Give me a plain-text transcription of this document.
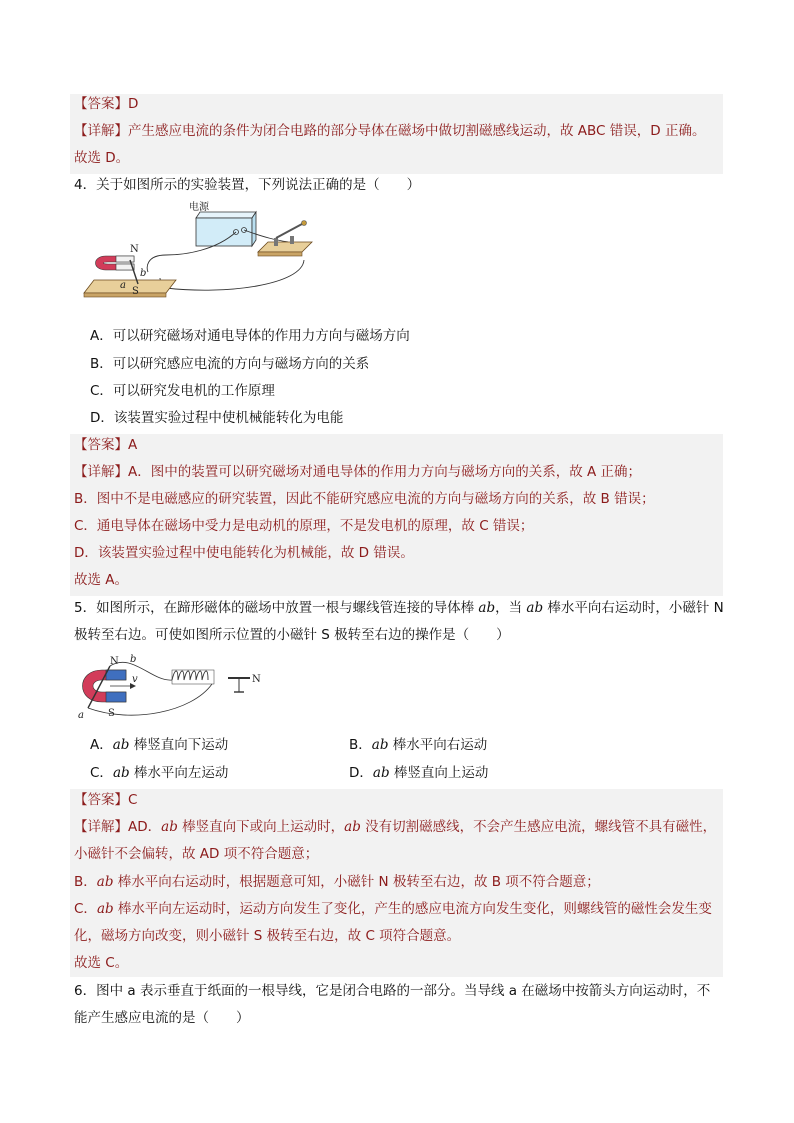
【答案】D
【详解】产生感应电流的条件为闭合电路的部分导体在磁场中做切割磁感线运动，故 ABC 错误，D 正确。
故选 D。
4．关于如图所示的实验装置，下列说法正确的是（　　）
电源
N
S
a
b
A．可以研究磁场对通电导体的作用力方向与磁场方向
B．可以研究感应电流的方向与磁场方向的关系
C．可以研究发电机的工作原理
D．该装置实验过程中使机械能转化为电能
【答案】A
【详解】A．图中的装置可以研究磁场对通电导体的作用力方向与磁场方向的关系，故 A 正确；
B．图中不是电磁感应的研究装置，因此不能研究感应电流的方向与磁场方向的关系，故 B 错误；
C．通电导体在磁场中受力是电动机的原理，不是发电机的原理，故 C 错误；
D．该装置实验过程中使电能转化为机械能，故 D 错误。
故选 A。
5．如图所示，在蹄形磁体的磁场中放置一根与螺线管连接的导体棒 ab，当 ab 棒水平向右运动时，小磁针 N
极转至右边。可使如图所示位置的小磁针 S 极转至右边的操作是（　　）
v
N
S
a
b
N
A．ab 棒竖直向下运动	B．ab 棒水平向右运动
C．ab 棒水平向左运动	D．ab 棒竖直向上运动
【答案】C
【详解】AD．ab 棒竖直向下或向上运动时，ab 没有切割磁感线，不会产生感应电流，螺线管不具有磁性，
小磁针不会偏转，故 AD 项不符合题意；
B．ab 棒水平向右运动时，根据题意可知，小磁针 N 极转至右边，故 B 项不符合题意；
C．ab 棒水平向左运动时，运动方向发生了变化，产生的感应电流方向发生变化，则螺线管的磁性会发生变
化，磁场方向改变，则小磁针 S 极转至右边，故 C 项符合题意。
故选 C。
6．图中 a 表示垂直于纸面的一根导线，它是闭合电路的一部分。当导线 a 在磁场中按箭头方向运动时，不
能产生感应电流的是（　　）
